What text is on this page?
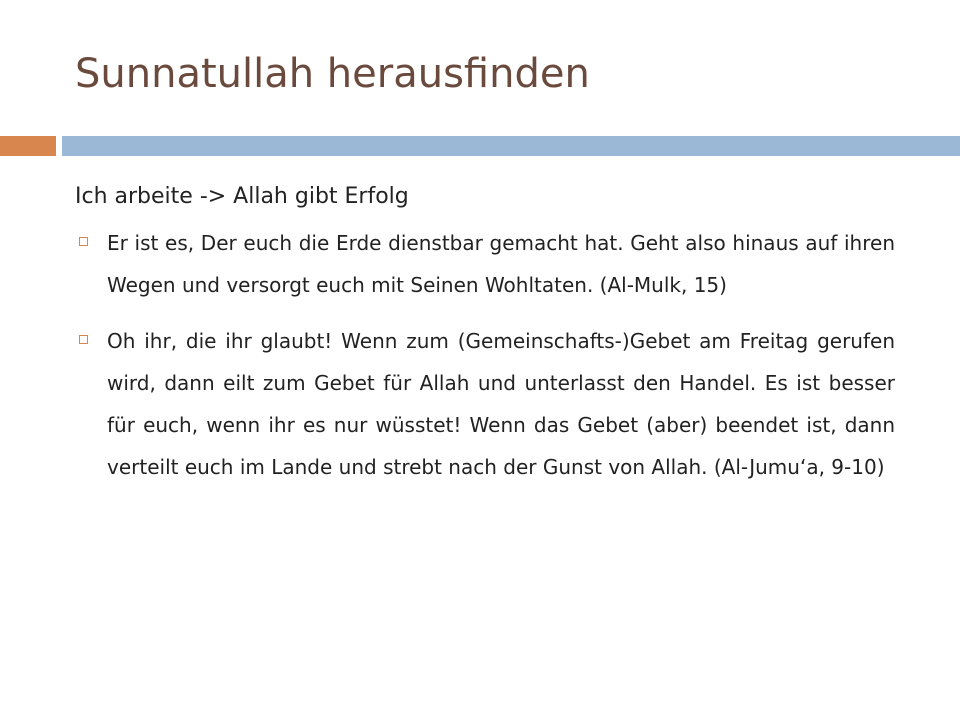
Sunnatullah herausfinden

Ich arbeite -> Allah gibt Erfolg

Er ist es, Der euch die Erde dienstbar gemacht hat. Geht also hinaus auf ihren Wegen und versorgt euch mit Seinen Wohltaten. (Al-Mulk, 15)
Oh ihr, die ihr glaubt! Wenn zum (Gemeinschafts-)Gebet am Freitag gerufen wird, dann eilt zum Gebet für Allah und unterlasst den Handel. Es ist besser für euch, wenn ihr es nur wüsstet! Wenn das Gebet (aber) beendet ist, dann verteilt euch im Lande und strebt nach der Gunst von Allah. (Al-Jumu‘a, 9-10)
